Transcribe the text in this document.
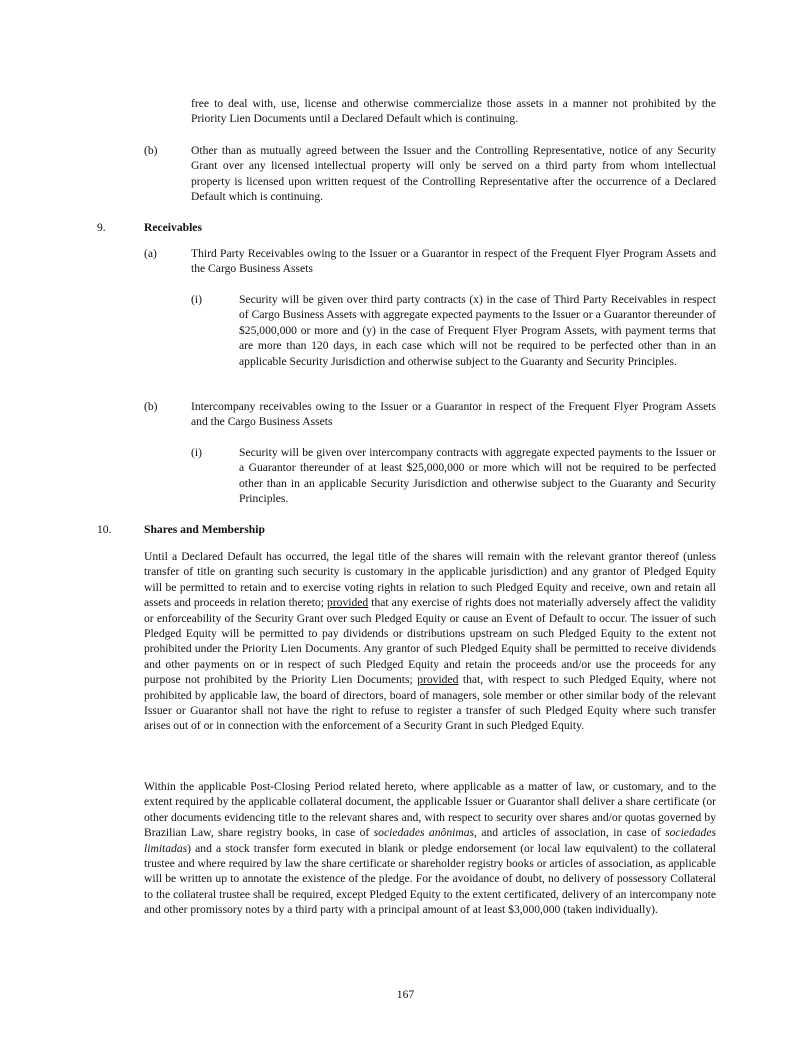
free to deal with, use, license and otherwise commercialize those assets in a manner not prohibited by the Priority Lien Documents until a Declared Default which is continuing.
(b)	Other than as mutually agreed between the Issuer and the Controlling Representative, notice of any Security Grant over any licensed intellectual property will only be served on a third party from whom intellectual property is licensed upon written request of the Controlling Representative after the occurrence of a Declared Default which is continuing.
9.	Receivables
(a)	Third Party Receivables owing to the Issuer or a Guarantor in respect of the Frequent Flyer Program Assets and the Cargo Business Assets
(i)	Security will be given over third party contracts (x) in the case of Third Party Receivables in respect of Cargo Business Assets with aggregate expected payments to the Issuer or a Guarantor thereunder of $25,000,000 or more and (y) in the case of Frequent Flyer Program Assets, with payment terms that are more than 120 days, in each case which will not be required to be perfected other than in an applicable Security Jurisdiction and otherwise subject to the Guaranty and Security Principles.
(b)	Intercompany receivables owing to the Issuer or a Guarantor in respect of the Frequent Flyer Program Assets and the Cargo Business Assets
(i)	Security will be given over intercompany contracts with aggregate expected payments to the Issuer or a Guarantor thereunder of at least $25,000,000 or more which will not be required to be perfected other than in an applicable Security Jurisdiction and otherwise subject to the Guaranty and Security Principles.
10.	Shares and Membership
Until a Declared Default has occurred, the legal title of the shares will remain with the relevant grantor thereof (unless transfer of title on granting such security is customary in the applicable jurisdiction) and any grantor of Pledged Equity will be permitted to retain and to exercise voting rights in relation to such Pledged Equity and receive, own and retain all assets and proceeds in relation thereto; provided that any exercise of rights does not materially adversely affect the validity or enforceability of the Security Grant over such Pledged Equity or cause an Event of Default to occur. The issuer of such Pledged Equity will be permitted to pay dividends or distributions upstream on such Pledged Equity to the extent not prohibited under the Priority Lien Documents. Any grantor of such Pledged Equity shall be permitted to receive dividends and other payments on or in respect of such Pledged Equity and retain the proceeds and/or use the proceeds for any purpose not prohibited by the Priority Lien Documents; provided that, with respect to such Pledged Equity, where not prohibited by applicable law, the board of directors, board of managers, sole member or other similar body of the relevant Issuer or Guarantor shall not have the right to refuse to register a transfer of such Pledged Equity where such transfer arises out of or in connection with the enforcement of a Security Grant in such Pledged Equity.
Within the applicable Post-Closing Period related hereto, where applicable as a matter of law, or customary, and to the extent required by the applicable collateral document, the applicable Issuer or Guarantor shall deliver a share certificate (or other documents evidencing title to the relevant shares and, with respect to security over shares and/or quotas governed by Brazilian Law, share registry books, in case of sociedades anônimas, and articles of association, in case of sociedades limitadas) and a stock transfer form executed in blank or pledge endorsement (or local law equivalent) to the collateral trustee and where required by law the share certificate or shareholder registry books or articles of association, as applicable will be written up to annotate the existence of the pledge. For the avoidance of doubt, no delivery of possessory Collateral to the collateral trustee shall be required, except Pledged Equity to the extent certificated, delivery of an intercompany note and other promissory notes by a third party with a principal amount of at least $3,000,000 (taken individually).
167
